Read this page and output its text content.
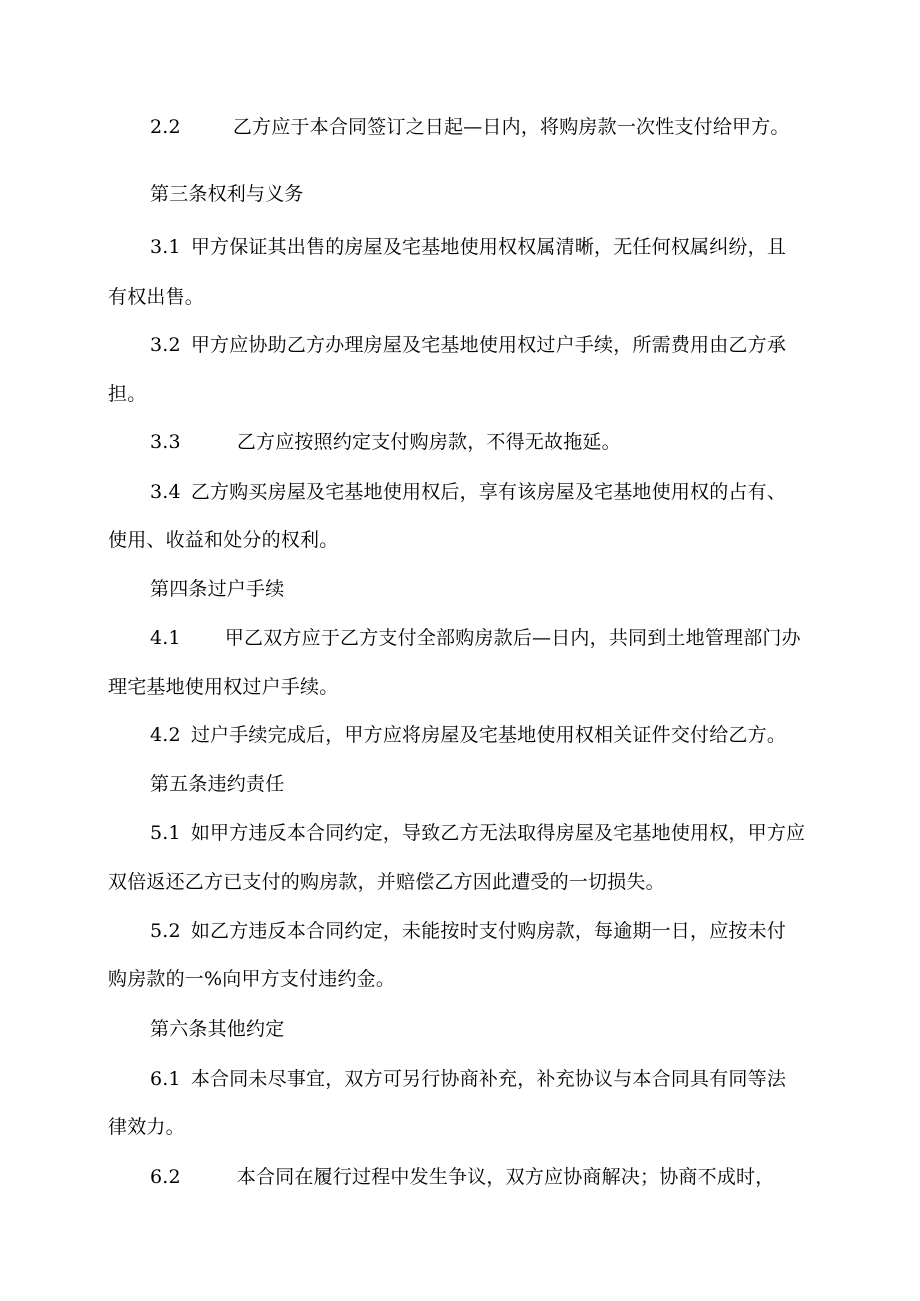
2.2	乙方应于本合同签订之日起—日内，将购房款一次性支付给甲方。
第三条权利与义务
3.1 甲方保证其出售的房屋及宅基地使用权权属清晰，无任何权属纠纷，且
有权出售。
3.2 甲方应协助乙方办理房屋及宅基地使用权过户手续，所需费用由乙方承
担。
3.3	乙方应按照约定支付购房款，不得无故拖延。
3.4 乙方购买房屋及宅基地使用权后，享有该房屋及宅基地使用权的占有、
使用、收益和处分的权利。
第四条过户手续
4.1 甲乙双方应于乙方支付全部购房款后—日内，共同到土地管理部门办
理宅基地使用权过户手续。
4.2 过户手续完成后，甲方应将房屋及宅基地使用权相关证件交付给乙方。
第五条违约责任
5.1 如甲方违反本合同约定，导致乙方无法取得房屋及宅基地使用权，甲方应
双倍返还乙方已支付的购房款，并赔偿乙方因此遭受的一切损失。
5.2 如乙方违反本合同约定，未能按时支付购房款，每逾期一日，应按未付
购房款的一%向甲方支付违约金。
第六条其他约定
6.1 本合同未尽事宜，双方可另行协商补充，补充协议与本合同具有同等法
律效力。
6.2	本合同在履行过程中发生争议，双方应协商解决；协商不成时，
